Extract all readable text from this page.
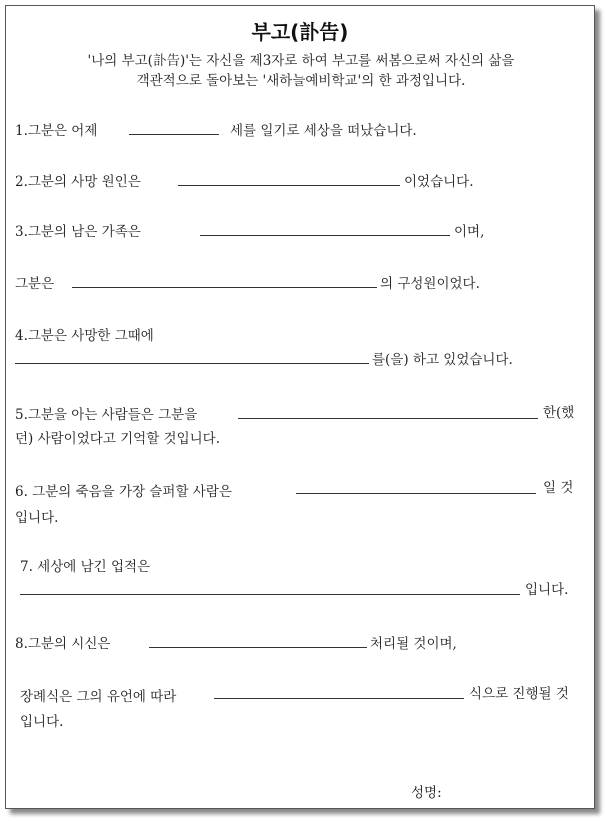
부고(訃告)
'나의 부고(訃告)'는 자신을 제3자로 하여 부고를 써봄으로써 자신의 삶을
객관적으로 돌아보는 '새하늘예비학교'의 한 과정입니다.
1.그분은 어제	세를 일기로 세상을 떠났습니다.
2.그분의 사망 원인은	이었습니다.
3.그분의 남은 가족은	이며,
그분은	의 구성원이었다.
4.그분은 사망한 그때에
를(을) 하고 있었습니다.
5.그분을 아는 사람들은 그분을	한(했
던) 사람이었다고 기억할 것입니다.
6. 그분의 죽음을 가장 슬퍼할 사람은	일 것
입니다.
7. 세상에 남긴 업적은
입니다.
8.그분의 시신은	처리될 것이며,
장례식은 그의 유언에 따라	식으로 진행될 것
입니다.
성명:
